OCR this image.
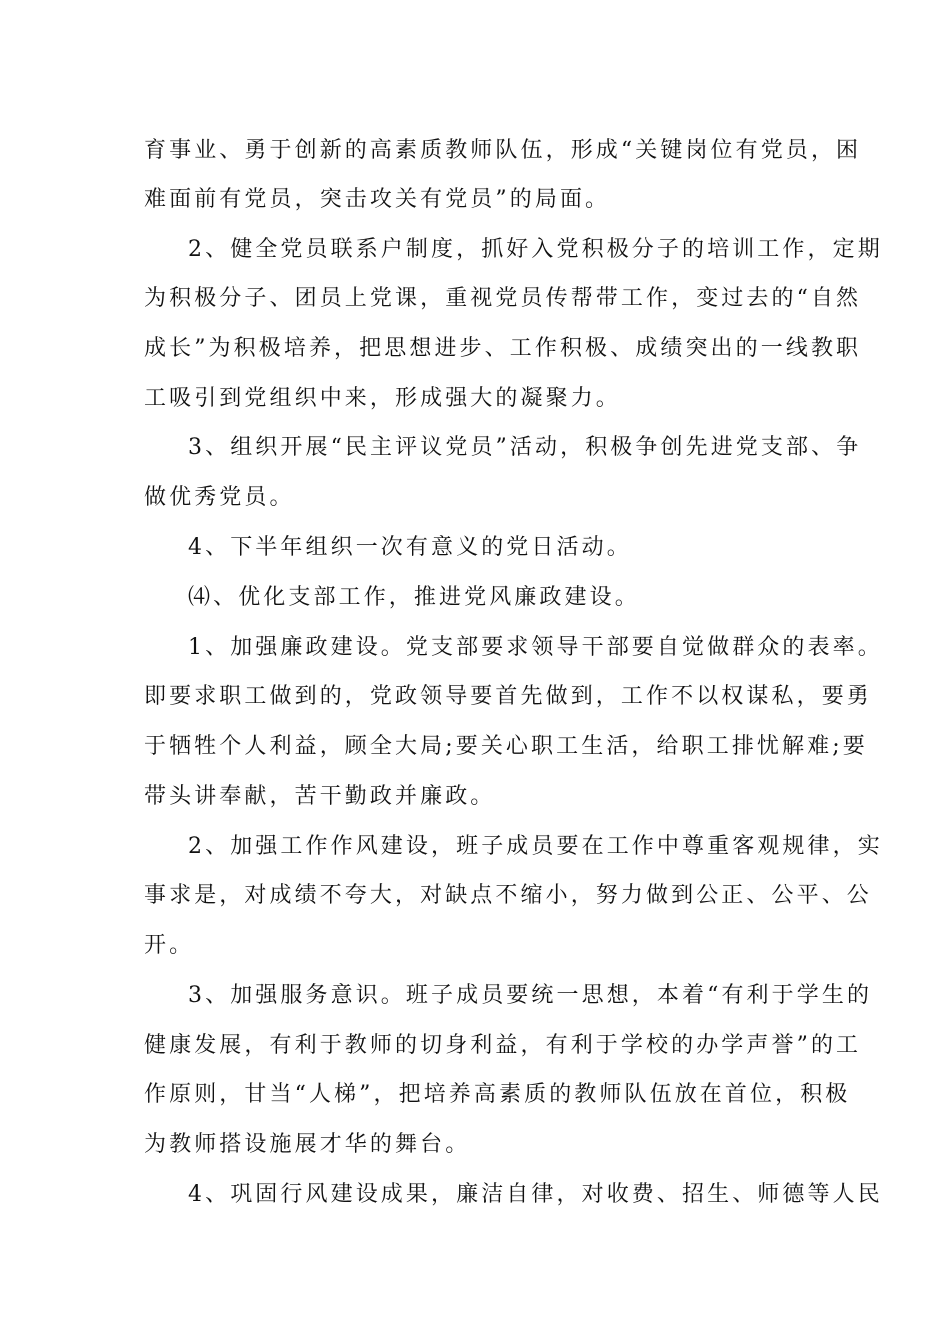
育事业、勇于创新的高素质教师队伍，形成“关键岗位有党员，困
难面前有党员，突击攻关有党员”的局面。
2、健全党员联系户制度，抓好入党积极分子的培训工作，定期
为积极分子、团员上党课，重视党员传帮带工作，变过去的“自然
成长”为积极培养，把思想进步、工作积极、成绩突出的一线教职
工吸引到党组织中来，形成强大的凝聚力。
3、组织开展“民主评议党员”活动，积极争创先进党支部、争
做优秀党员。
4、下半年组织一次有意义的党日活动。
⑷、优化支部工作，推进党风廉政建设。
1、加强廉政建设。党支部要求领导干部要自觉做群众的表率。
即要求职工做到的，党政领导要首先做到，工作不以权谋私，要勇
于牺牲个人利益，顾全大局;要关心职工生活，给职工排忧解难;要
带头讲奉献，苦干勤政并廉政。
2、加强工作作风建设，班子成员要在工作中尊重客观规律，实
事求是，对成绩不夸大，对缺点不缩小，努力做到公正、公平、公
开。
3、加强服务意识。班子成员要统一思想，本着“有利于学生的
健康发展，有利于教师的切身利益，有利于学校的办学声誉”的工
作原则，甘当“人梯”，把培养高素质的教师队伍放在首位，积极
为教师搭设施展才华的舞台。
4、巩固行风建设成果，廉洁自律，对收费、招生、师德等人民
